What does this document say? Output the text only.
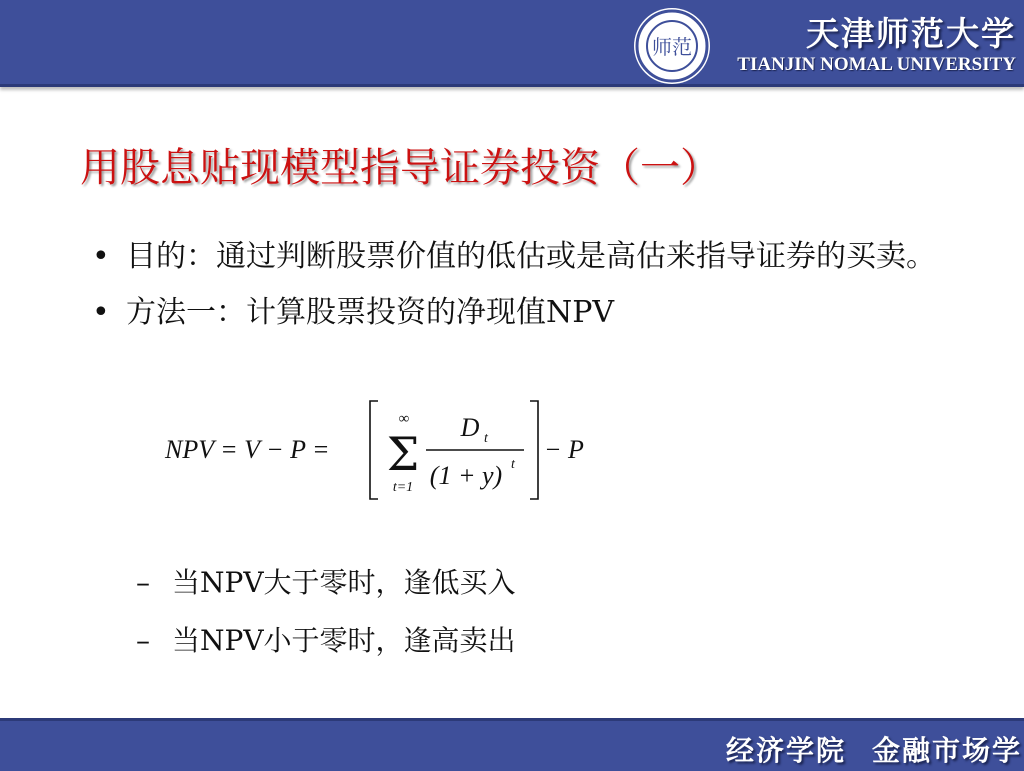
师范	天津师范大学
TIANJIN NOMAL UNIVERSITY
用股息贴现模型指导证券投资（一）
• 目的：通过判断股票价值的低估或是高估来指导证券的买卖。
• 方法一：计算股票投资的净现值NPV
NPV = V − P =
∞
Σ
t=1
D t
(1 + y) t
− P
– 当NPV大于零时，逢低买入
– 当NPV小于零时，逢高卖出
经济学院 金融市场学
